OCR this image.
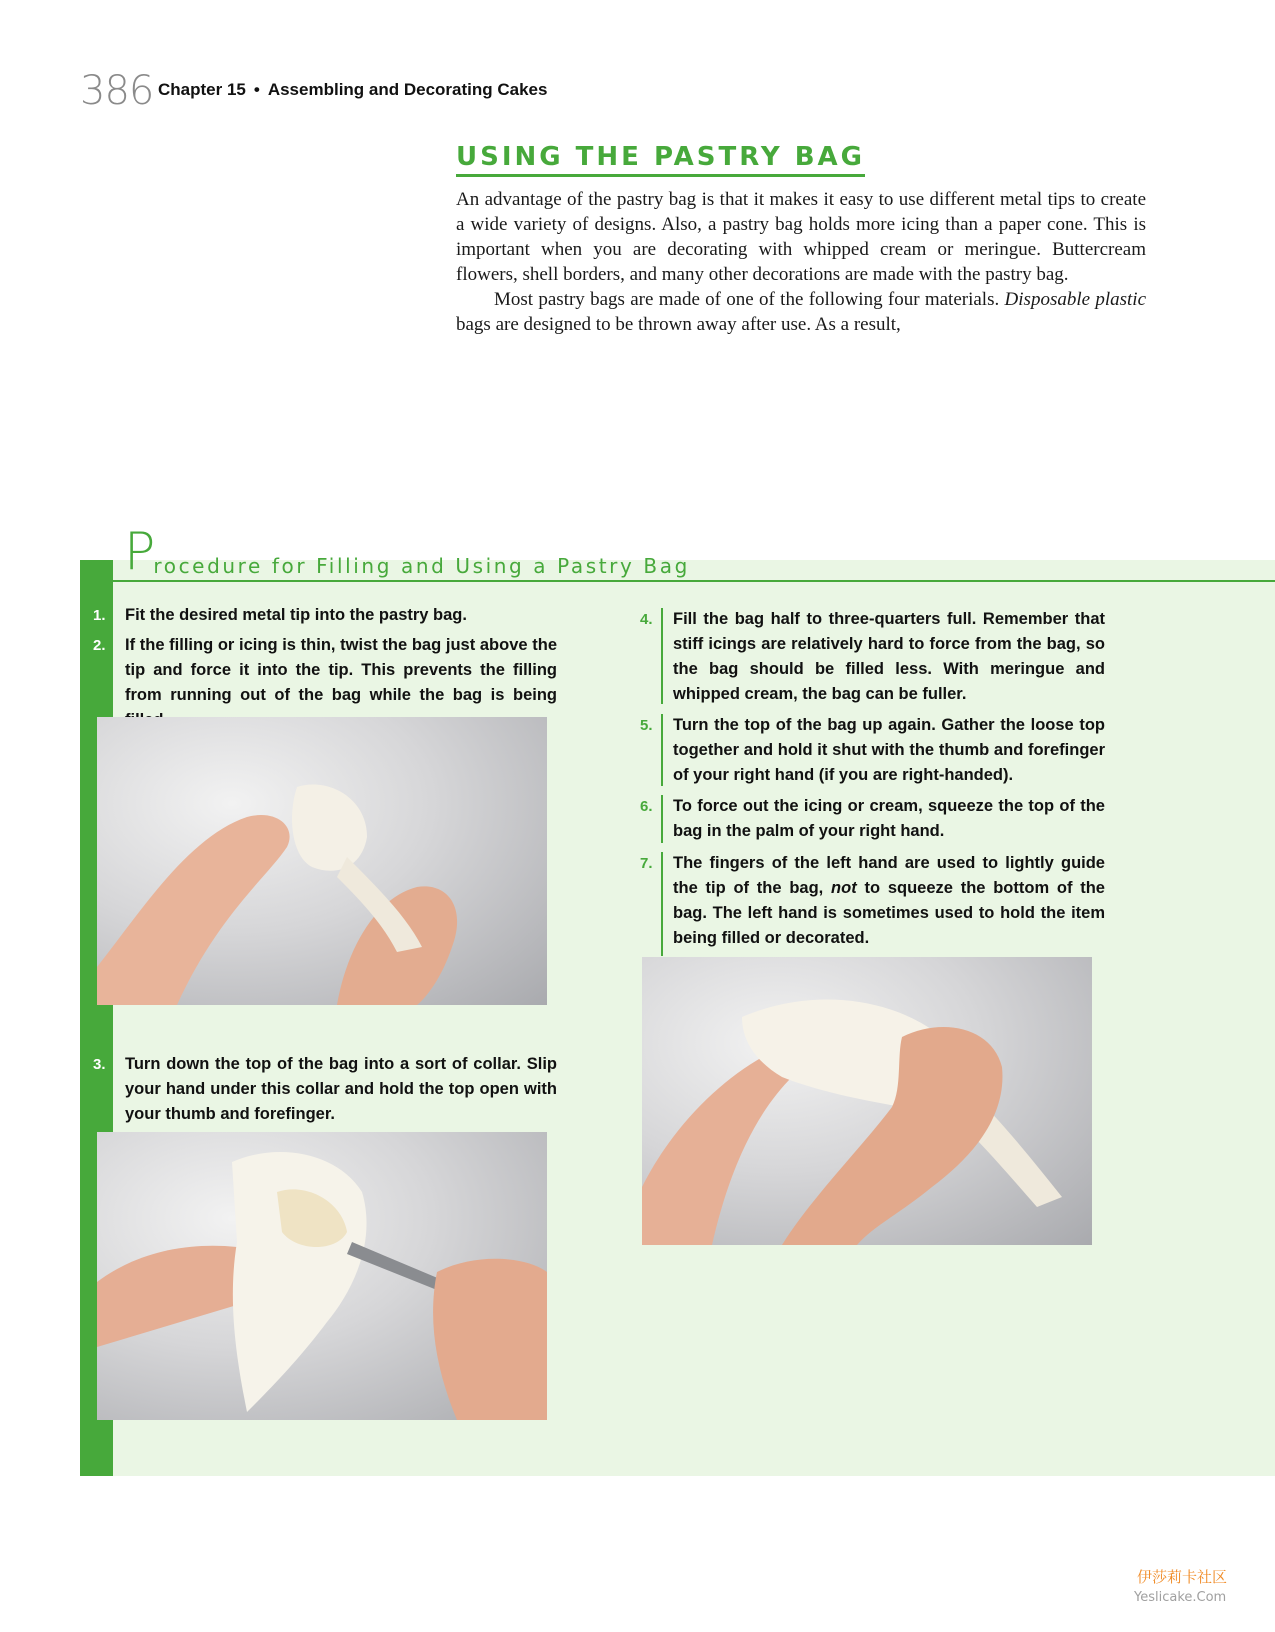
386 Chapter 15 • Assembling and Decorating Cakes
USING THE PASTRY BAG

An advantage of the pastry bag is that it makes it easy to use different metal tips to create a wide variety of designs. Also, a pastry bag holds more icing than a paper cone. This is important when you are decorating with whipped cream or meringue. Buttercream flowers, shell borders, and many other decorations are made with the pastry bag.

Most pastry bags are made of one of the following four materials. Disposable plastic bags are designed to be thrown away after use. As a result,

Procedure for Filling and Using a Pastry Bag
1. Fit the desired metal tip into the pastry bag.
2. If the filling or icing is thin, twist the bag just above the tip and force it into the tip. This prevents the filling from running out of the bag while the bag is being
3. Turn down the top of the bag into a sort of collar. Slip your hand under this collar and hold the top open with your thumb and forefinger.
4. Fill the bag half to three-quarters full. Remember that stiff icings are relatively hard to force from the bag, so the bag should be filled less. With meringue and whipped cream, the bag can be fuller.
5. Turn the top of the bag up again. Gather the loose top together and hold it shut with the thumb and forefinger of your right hand (if you are right-handed).
6. To force out the icing or cream, squeeze the top of the bag in the palm of your right hand.
7. The fingers of the left hand are used to lightly guide the tip of the bag, not to squeeze the bottom of the bag. The left hand is sometimes used to hold the item being filled or decorated.
伊莎莉卡社区
Yeslicake.Com
